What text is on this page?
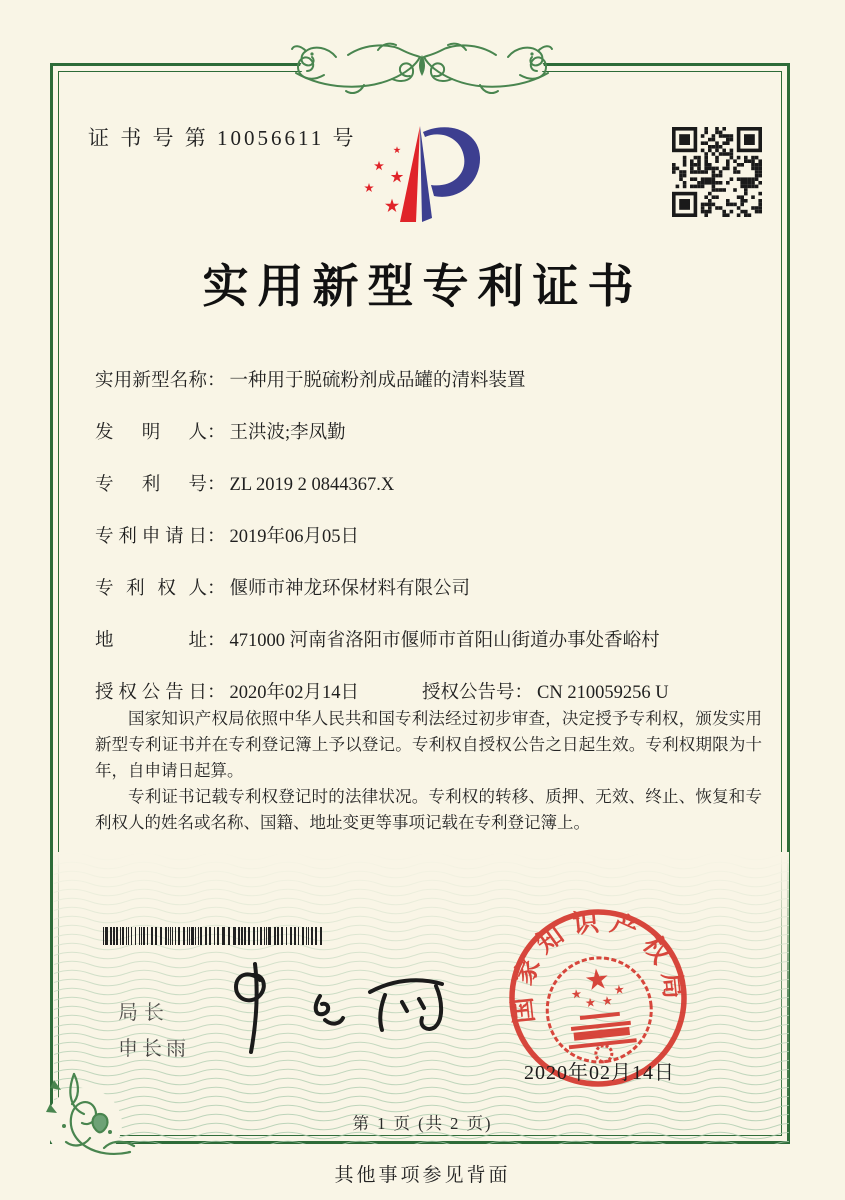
证 书 号 第 10056611 号
实用新型专利证书
实用新型名称： 一种用于脱硫粉剂成品罐的清料装置
发明人： 王洪波;李凤勤
专利号： ZL 2019 2 0844367.X
专利申请日： 2019年06月05日
专利权人： 偃师市神龙环保材料有限公司
地址： 471000 河南省洛阳市偃师市首阳山街道办事处香峪村
授权公告日： 2020年02月14日	授权公告号： CN 210059256 U

国家知识产权局依照中华人民共和国专利法经过初步审查，决定授予专利权，颁发实用新型专利证书并在专利登记簿上予以登记。专利权自授权公告之日起生效。专利权期限为十年，自申请日起算。

专利证书记载专利权登记时的法律状况。专利权的转移、质押、无效、终止、恢复和专利权人的姓名或名称、国籍、地址变更等事项记载在专利登记簿上。

国家知识产权局
2020年02月14日
第 1 页 (共 2 页)
其他事项参见背面
